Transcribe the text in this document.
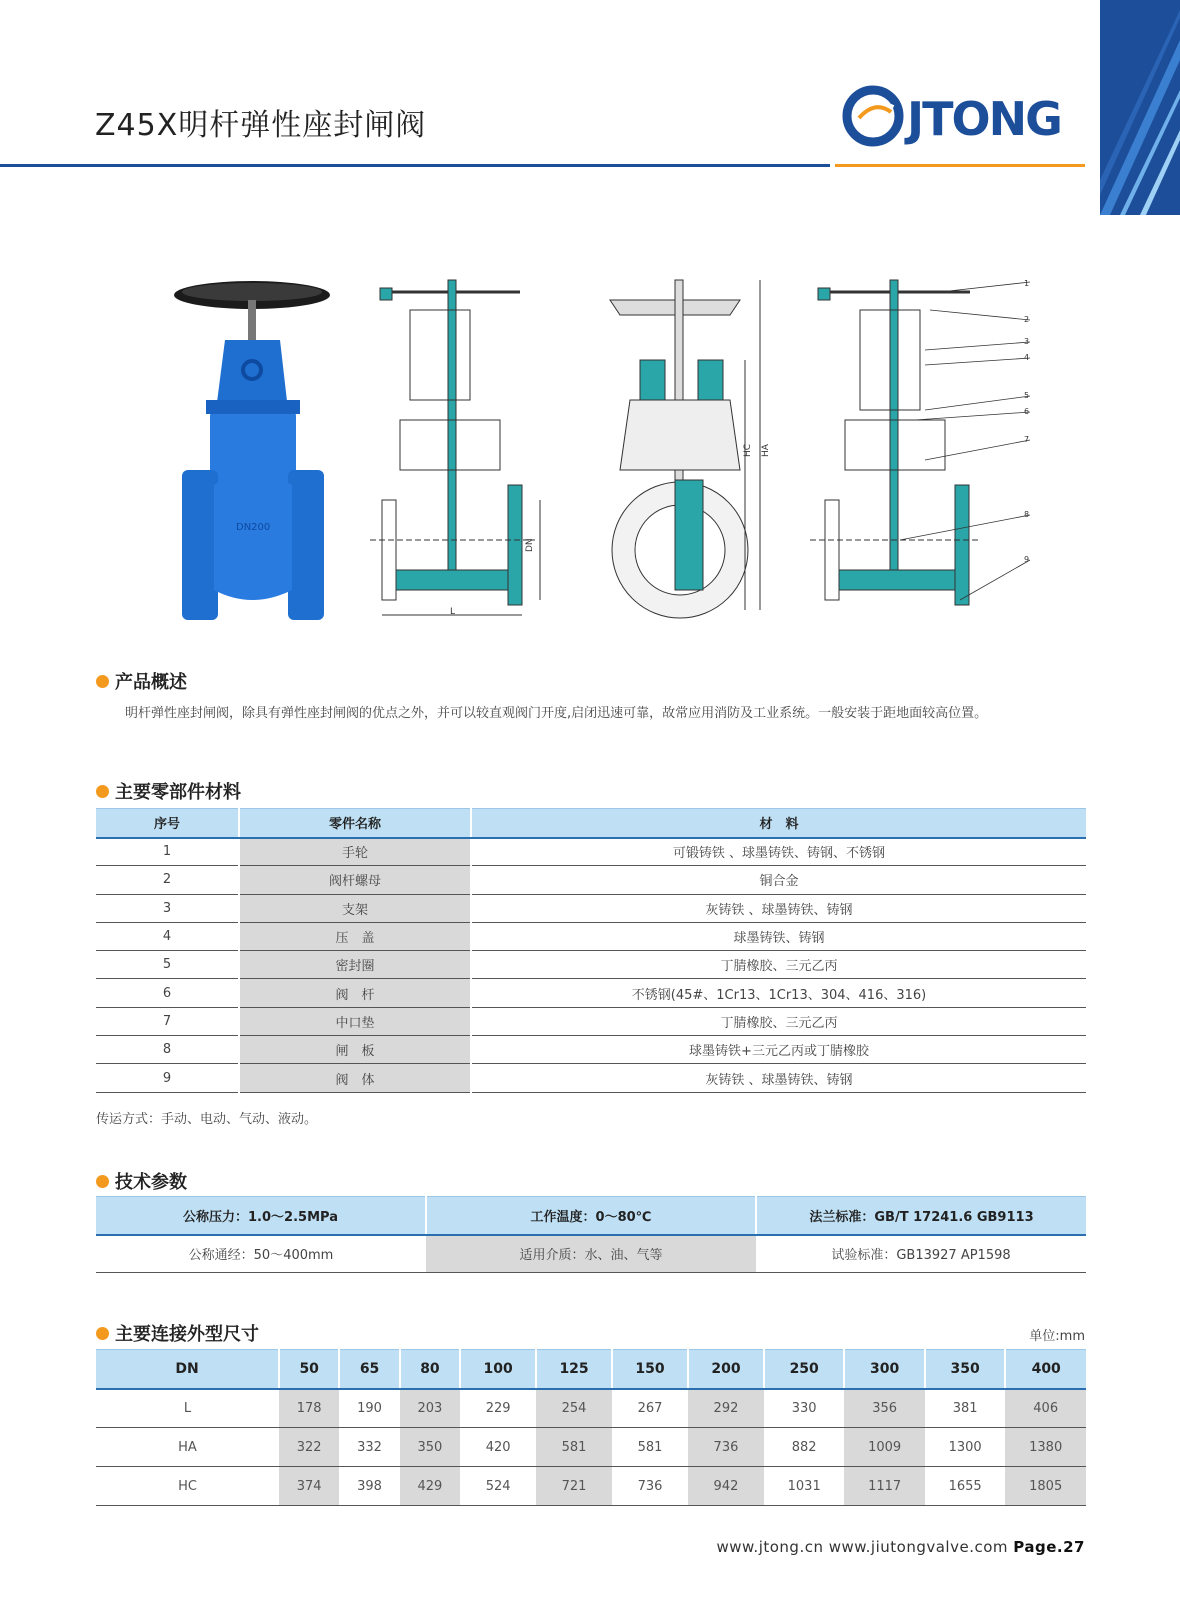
Z45X明杆弹性座封闸阀	JTONG
DN200
L
DN
HC HA
1
2
3
4
5
6
7
8
9
产品概述
明杆弹性座封闸阀，除具有弹性座封闸阀的优点之外，并可以较直观阀门开度,启闭迅速可靠，故常应用消防及工业系统。一般安装于距地面较高位置。
主要零部件材料
序号	零件名称	材　料
1	手轮	可锻铸铁 、球墨铸铁、铸钢、不锈钢
2	阀杆螺母	铜合金
3	支架	灰铸铁 、球墨铸铁、铸钢
4	压　盖	球墨铸铁、铸钢
5	密封圈	丁腈橡胶、三元乙丙
6	阀　杆	不锈钢(45#、1Cr13、1Cr13、304、416、316)
7	中口垫	丁腈橡胶、三元乙丙
8	闸　板	球墨铸铁+三元乙丙或丁腈橡胶
9	阀　体	灰铸铁 、球墨铸铁、铸钢
传运方式：手动、电动、气动、液动。
技术参数
公称压力：1.0～2.5MPa	工作温度：0～80℃	法兰标准：GB/T 17241.6 GB9113
公称通经：50～400mm	适用介质：水、油、气等	试验标准：GB13927 AP1598
主要连接外型尺寸	单位:mm
DN	50	65	80	100	125	150	200	250	300	350	400
L	178	190	203	229	254	267	292	330	356	381	406
HA	322	332	350	420	581	581	736	882	1009	1300	1380
HC	374	398	429	524	721	736	942	1031	1117	1655	1805
www.jtong.cn www.jiutongvalve.com Page.27
